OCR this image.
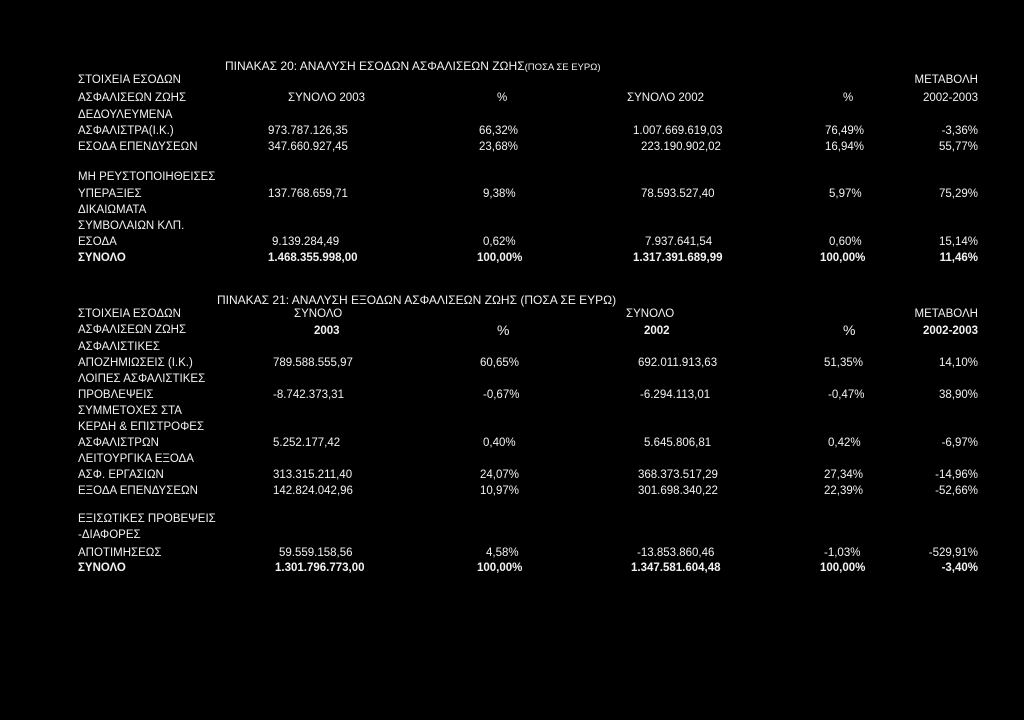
ΠΙΝΑΚΑΣ 20: ΑΝΑΛΥΣΗ ΕΣΟΔΩΝ ΑΣΦΑΛΙΣΕΩΝ ΖΩΗΣ(ΠΟΣΑ ΣΕ ΕΥΡΩ)
ΣΤΟΙΧΕΙΑ ΕΣΟΔΩΝ	ΜΕΤΑΒΟΛΗ
ΑΣΦΑΛΙΣΕΩΝ ΖΩΗΣ	ΣΥΝΟΛΟ 2003	%	ΣΥΝΟΛΟ 2002	%	2002-2003
ΔΕΔΟΥΛΕΥΜΕΝΑ
ΑΣΦΑΛΙΣΤΡΑ(Ι.Κ.)	973.787.126,35	66,32%	1.007.669.619,03	76,49%	-3,36%
ΕΣΟΔΑ ΕΠΕΝΔΥΣΕΩΝ	347.660.927,45	23,68%	223.190.902,02	16,94%	55,77%
ΜΗ ΡΕΥΣΤΟΠΟΙΗΘΕΙΣΕΣ
ΥΠΕΡΑΞΙΕΣ	137.768.659,71	9,38%	78.593.527,40	5,97%	75,29%
ΔΙΚΑΙΩΜΑΤΑ
ΣΥΜΒΟΛΑΙΩΝ ΚΛΠ.
ΕΣΟΔΑ	9.139.284,49	0,62%	7.937.641,54	0,60%	15,14%
ΣΥΝΟΛΟ	1.468.355.998,00	100,00%	1.317.391.689,99	100,00%	11,46%
ΠΙΝΑΚΑΣ 21: ΑΝΑΛΥΣΗ ΕΞΟΔΩΝ ΑΣΦΑΛΙΣΕΩΝ ΖΩΗΣ (ΠΟΣΑ ΣΕ ΕΥΡΩ)
ΣΤΟΙΧΕΙΑ ΕΣΟΔΩΝ	ΣΥΝΟΛΟ	ΣΥΝΟΛΟ	ΜΕΤΑΒΟΛΗ
ΑΣΦΑΛΙΣΕΩΝ ΖΩΗΣ	2003	%	2002	%	2002-2003
ΑΣΦΑΛΙΣΤΙΚΕΣ
ΑΠΟΖΗΜΙΩΣΕΙΣ (Ι.Κ.)	789.588.555,97	60,65%	692.011.913,63	51,35%	14,10%
ΛΟΙΠΕΣ ΑΣΦΑΛΙΣΤΙΚΕΣ
ΠΡΟΒΛΕΨΕΙΣ	-8.742.373,31	-0,67%	-6.294.113,01	-0,47%	38,90%
ΣΥΜΜΕΤΟΧΕΣ ΣΤΑ
ΚΕΡΔΗ & ΕΠΙΣΤΡΟΦΕΣ
ΑΣΦΑΛΙΣΤΡΩΝ	5.252.177,42	0,40%	5.645.806,81	0,42%	-6,97%
ΛΕΙΤΟΥΡΓΙΚΑ ΕΞΟΔΑ
ΑΣΦ. ΕΡΓΑΣΙΩΝ	313.315.211,40	24,07%	368.373.517,29	27,34%	-14,96%
ΕΞΟΔΑ ΕΠΕΝΔΥΣΕΩΝ	142.824.042,96	10,97%	301.698.340,22	22,39%	-52,66%
ΕΞΙΣΩΤΙΚΕΣ ΠΡΟΒΕΨΕΙΣ
-ΔΙΑΦΟΡΕΣ
ΑΠΟΤΙΜΗΣΕΩΣ	59.559.158,56	4,58%	-13.853.860,46	-1,03%	-529,91%
ΣΥΝΟΛΟ	1.301.796.773,00	100,00%	1.347.581.604,48	100,00%	-3,40%
